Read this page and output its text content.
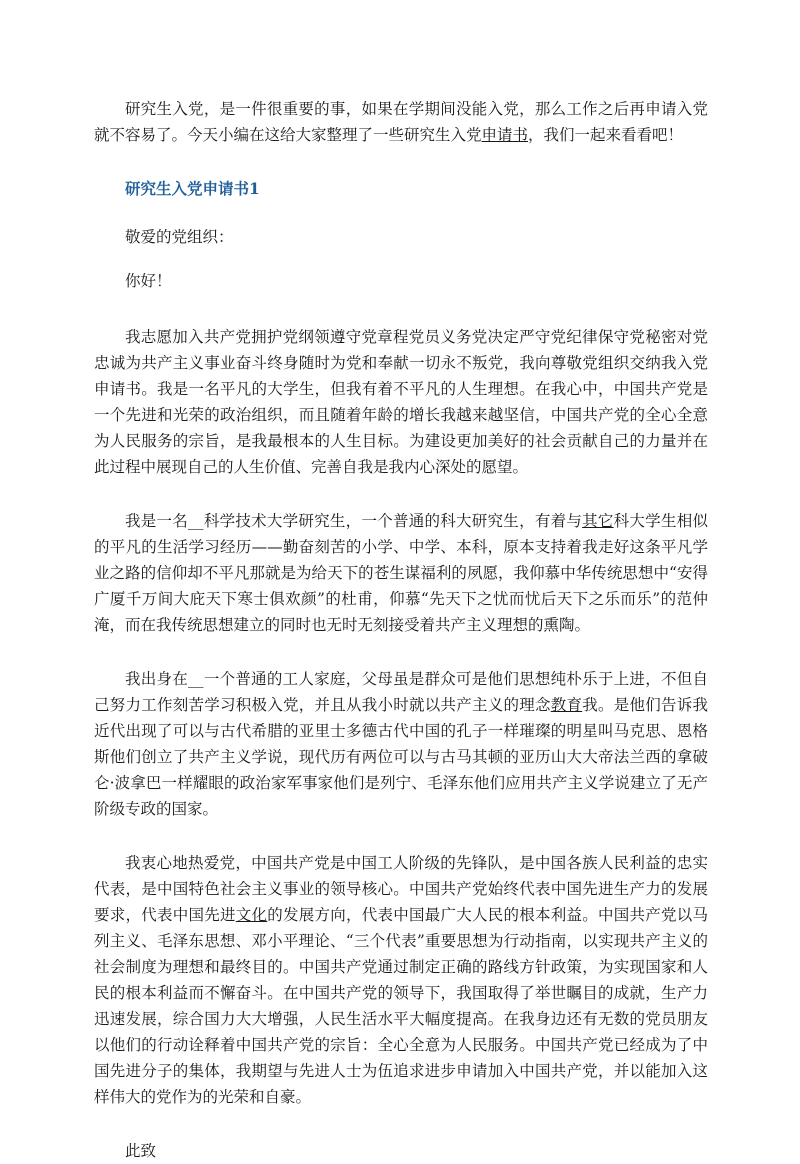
研究生入党，是一件很重要的事，如果在学期间没能入党，那么工作之后再申请入党就不容易了。今天小编在这给大家整理了一些研究生入党申请书，我们一起来看看吧！

研究生入党申请书1

敬爱的党组织：

你好！

我志愿加入共产党拥护党纲领遵守党章程党员义务党决定严守党纪律保守党秘密对党忠诚为共产主义事业奋斗终身随时为党和奉献一切永不叛党，我向尊敬党组织交纳我入党申请书。我是一名平凡的大学生，但我有着不平凡的人生理想。在我心中，中国共产党是一个先进和光荣的政治组织，而且随着年龄的增长我越来越坚信，中国共产党的全心全意为人民服务的宗旨，是我最根本的人生目标。为建设更加美好的社会贡献自己的力量并在此过程中展现自己的人生价值、完善自我是我内心深处的愿望。

我是一名__科学技术大学研究生，一个普通的科大研究生，有着与其它科大学生相似的平凡的生活学习经历——勤奋刻苦的小学、中学、本科，原本支持着我走好这条平凡学业之路的信仰却不平凡那就是为给天下的苍生谋福利的夙愿，我仰慕中华传统思想中“安得广厦千万间大庇天下寒士俱欢颜”的杜甫，仰慕“先天下之忧而忧后天下之乐而乐”的范仲淹，而在我传统思想建立的同时也无时无刻接受着共产主义理想的熏陶。

我出身在__一个普通的工人家庭，父母虽是群众可是他们思想纯朴乐于上进，不但自己努力工作刻苦学习积极入党，并且从我小时就以共产主义的理念教育我。是他们告诉我近代出现了可以与古代希腊的亚里士多德古代中国的孔子一样璀璨的明星叫马克思、恩格斯他们创立了共产主义学说，现代历有两位可以与古马其顿的亚历山大大帝法兰西的拿破仑·波拿巴一样耀眼的政治家军事家他们是列宁、毛泽东他们应用共产主义学说建立了无产阶级专政的国家。

我衷心地热爱党，中国共产党是中国工人阶级的先锋队，是中国各族人民利益的忠实代表，是中国特色社会主义事业的领导核心。中国共产党始终代表中国先进生产力的发展要求，代表中国先进文化的发展方向，代表中国最广大人民的根本利益。中国共产党以马列主义、毛泽东思想、邓小平理论、“三个代表”重要思想为行动指南，以实现共产主义的社会制度为理想和最终目的。中国共产党通过制定正确的路线方针政策，为实现国家和人民的根本利益而不懈奋斗。在中国共产党的领导下，我国取得了举世瞩目的成就，生产力迅速发展，综合国力大大增强，人民生活水平大幅度提高。在我身边还有无数的党员朋友以他们的行动诠释着中国共产党的宗旨：全心全意为人民服务。中国共产党已经成为了中国先进分子的集体，我期望与先进人士为伍追求进步申请加入中国共产党，并以能加入这样伟大的党作为的光荣和自豪。

此致
